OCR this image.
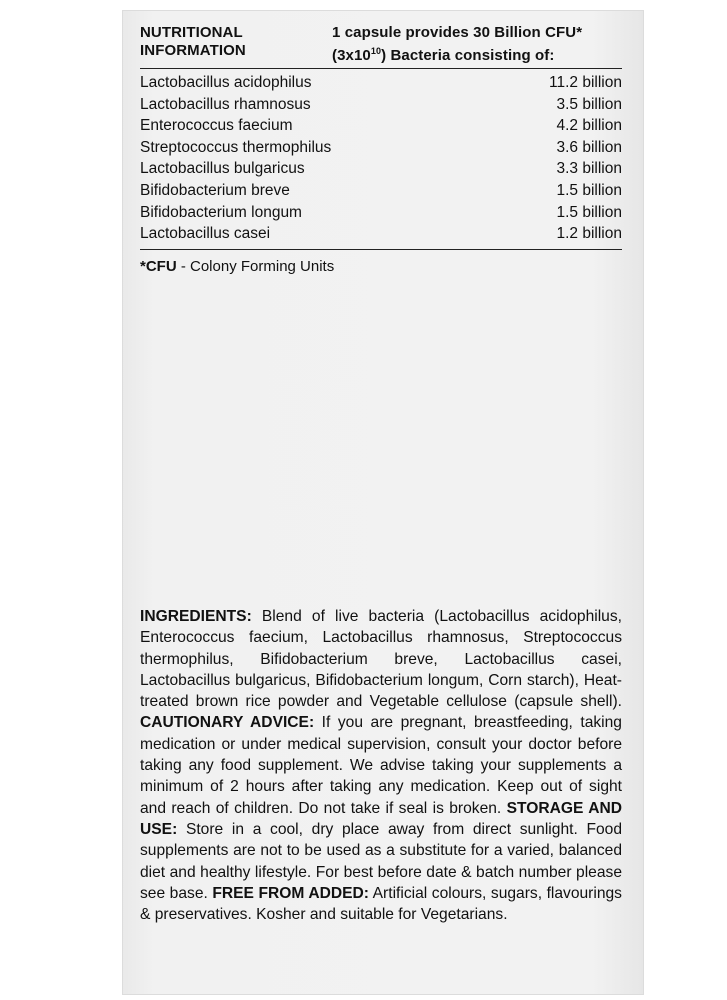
NUTRITIONAL
INFORMATION
1 capsule provides 30 Billion CFU*
$(3x10^{10})$ Bacteria consisting of:
Lactobacillus acidophilus	11.2 billion
Lactobacillus rhamnosus	3.5 billion
Enterococcus faecium	4.2 billion
Streptococcus thermophilus	3.6 billion
Lactobacillus bulgaricus	3.3 billion
Bifidobacterium breve	1.5 billion
Bifidobacterium longum	1.5 billion
Lactobacillus casei	1.2 billion
*CFU - Colony Forming Units
INGREDIENTS: Blend of live bacteria (Lactobacillus acidophilus, Enterococcus faecium, Lactobacillus rhamnosus, Streptococcus thermophilus, Bifidobacterium breve, Lactobacillus casei, Lactobacillus bulgaricus, Bifidobacterium longum, Corn starch), Heat-treated brown rice powder and Vegetable cellulose (capsule shell). CAUTIONARY ADVICE: If you are pregnant, breastfeeding, taking medication or under medical supervision, consult your doctor before taking any food supplement. We advise taking your supplements a minimum of 2 hours after taking any medication. Keep out of sight and reach of children. Do not take if seal is broken. STORAGE AND USE: Store in a cool, dry place away from direct sunlight. Food supplements are not to be used as a substitute for a varied, balanced diet and healthy lifestyle. For best before date & batch number please see base. FREE FROM ADDED: Artificial colours, sugars, flavourings & preservatives. Kosher and suitable for Vegetarians.
